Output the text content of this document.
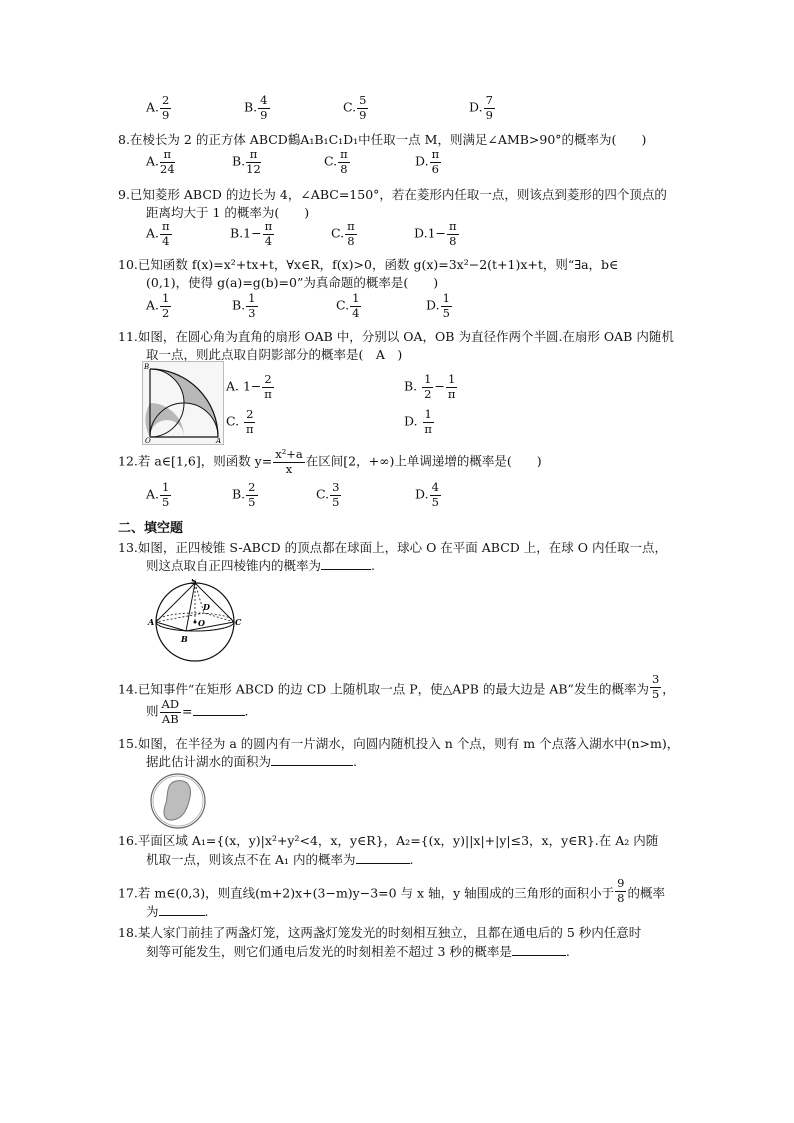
A. $\frac{2}{9}$	B. $\frac{4}{9}$	C. $\frac{5}{9}$	D. $\frac{7}{9}$
8.在棱长为 2 的正方体 ABCD鶴A₁B₁C₁D₁中任取一点 M，则满足∠AMB>90°的概率为(　　)
A. $\frac{\pi}{24}$	B. $\frac{\pi}{12}$	C. $\frac{\pi}{8}$	D. $\frac{\pi}{6}$
9.已知菱形 ABCD 的边长为 4，∠ABC=150°，若在菱形内任取一点，则该点到菱形的四个顶点的
距离均大于 1 的概率为(　　)
A. $\frac{\pi}{4}$	$B.1- \frac{\pi}{4}$	C. $\frac{\pi}{8}$	$D.1- \frac{\pi}{8}$
10.已知函数 f(x)=x²+tx+t，∀x∈R，f(x)>0，函数 g(x)=3x²−2(t+1)x+t，则“∃a，b∈
(0,1)，使得 g(a)=g(b)=0”为真命题的概率是(　　)
A. $\frac{1}{2}$	B. $\frac{1}{3}$	C. $\frac{1}{4}$	D. $\frac{1}{5}$
11.如图，在圆心角为直角的扇形 OAB 中，分别以 OA，OB 为直径作两个半圆.在扇形 OAB 内随机
取一点，则此点取自阴影部分的概率是(　A　)
B
O	A
A. $1- \frac{2}{\pi}$	B. $\frac{1}{2} - \frac{1}{\pi}$
C. $\frac{2}{\pi}$	D. $\frac{1}{\pi}$
12.若 a∈[1,6]，则函数 $y= \frac{\text{x²+a}}{x}$ 在区间[2，+∞)上单调递增的概率是(　　)
A. $\frac{1}{5}$	B. $\frac{2}{5}$	C. $\frac{3}{5}$	D. $\frac{4}{5}$
二、填空题
13.如图，正四棱锥 S-ABCD 的顶点都在球面上，球心 O 在平面 ABCD 上，在球 O 内任取一点，
则这点取自正四棱锥内的概率为	.
S
D
A	O	C
B
14.已知事件“在矩形 ABCD 的边 CD 上随机取一点 P，使△APB 的最大边是 AB”发生的概率为 $\frac{3}{5}$ ，
则 $\frac{AD}{AB}$ =	.
15.如图，在半径为 a 的圆内有一片湖水，向圆内随机投入 n 个点，则有 m 个点落入湖水中(n>m)，
据此估计湖水的面积为	.
16.平面区域 A₁={(x，y)|x²+y²<4，x，y∈R}，A₂={(x，y)||x|+|y|≤3，x，y∈R}.在 A₂ 内随
机取一点，则该点不在 A₁ 内的概率为	.
17.若 m∈(0,3)，则直线(m+2)x+(3−m)y−3=0 与 x 轴，y 轴围成的三角形的面积小于 $\frac{9}{8}$ 的概率
为	.
18.某人家门前挂了两盏灯笼，这两盏灯笼发光的时刻相互独立，且都在通电后的 5 秒内任意时
刻等可能发生，则它们通电后发光的时刻相差不超过 3 秒的概率是	.
